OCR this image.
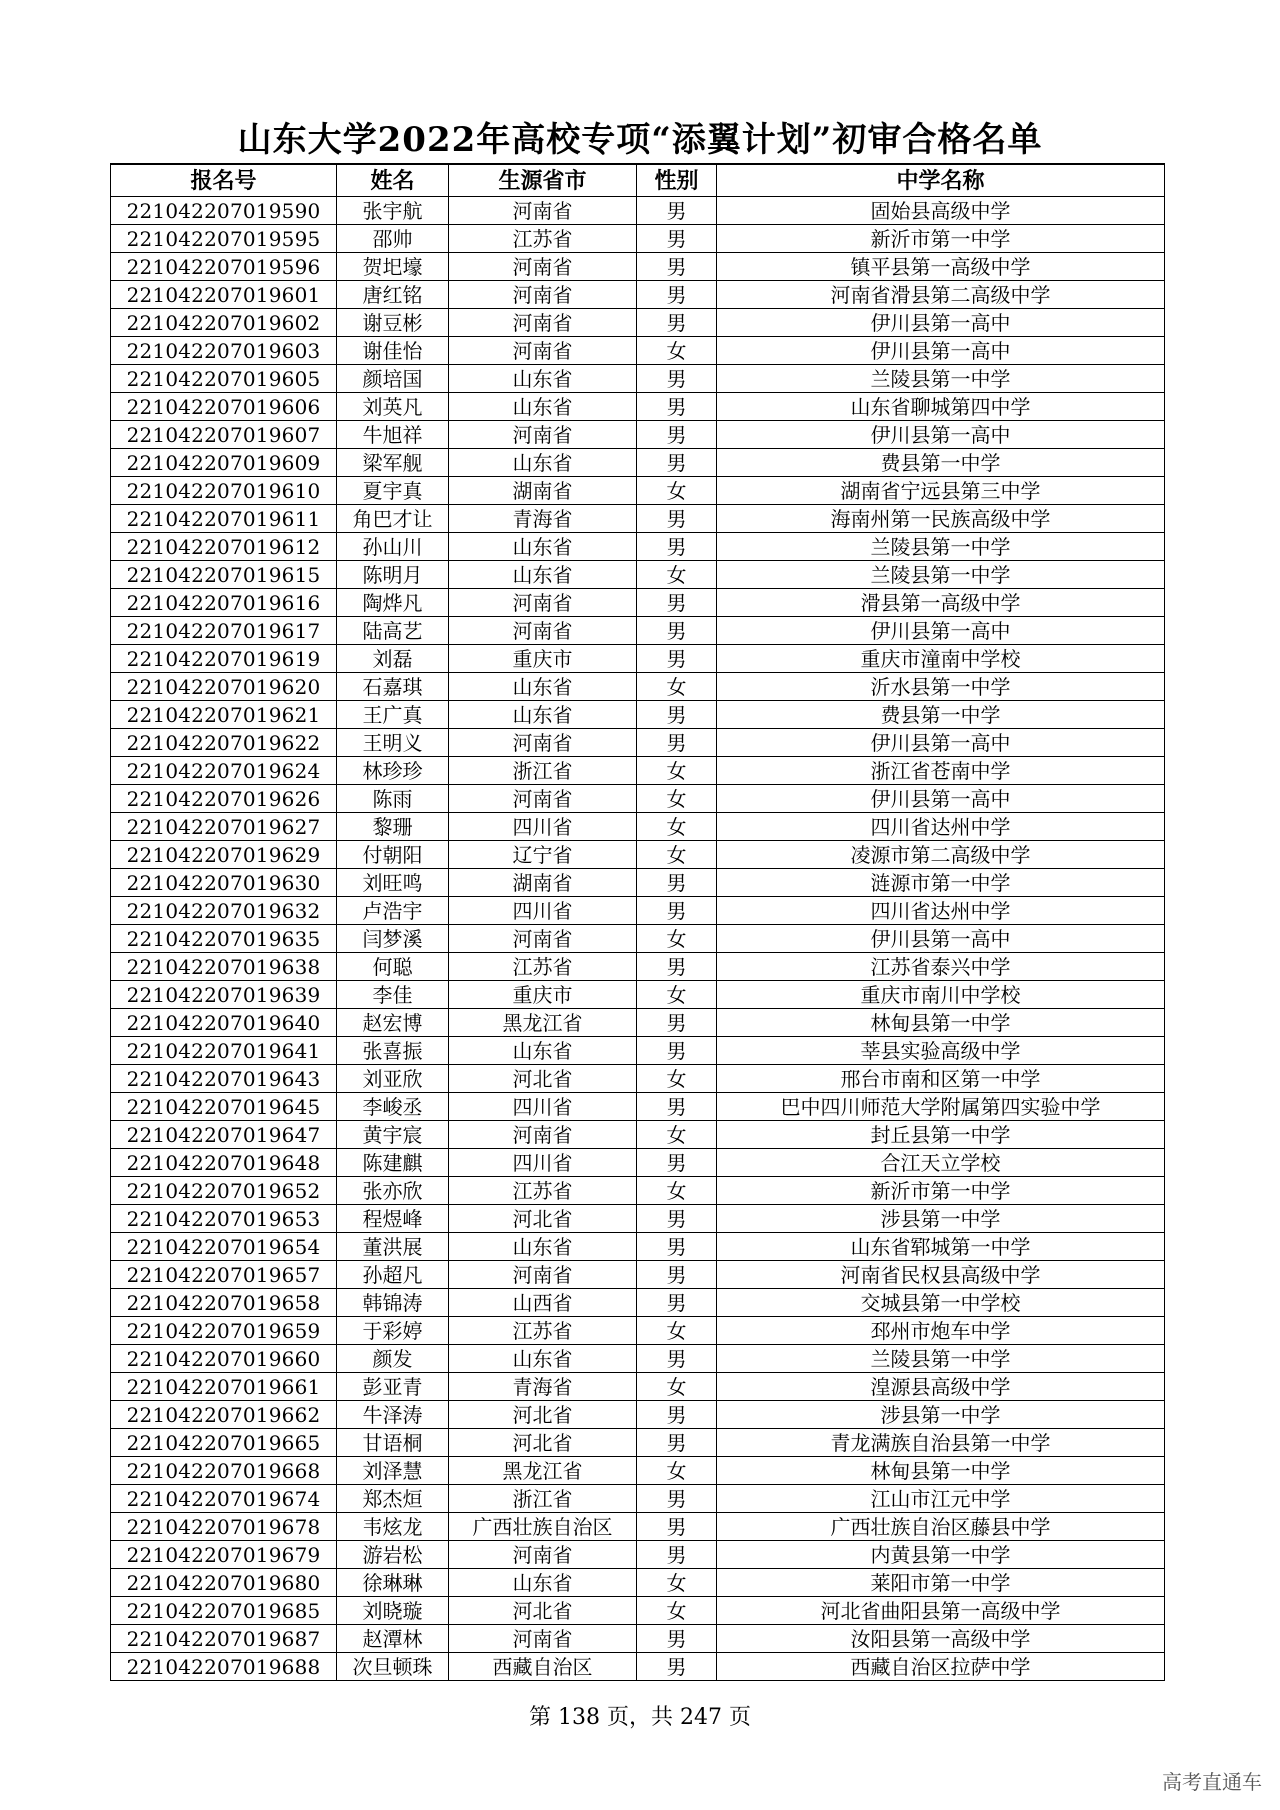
山东大学2022年高校专项“添翼计划”初审合格名单
报名号	姓名	生源省市	性别	中学名称
221042207019590	张宇航	河南省	男	固始县高级中学
221042207019595	邵帅	江苏省	男	新沂市第一中学
221042207019596	贺圯壕	河南省	男	镇平县第一高级中学
221042207019601	唐红铭	河南省	男	河南省滑县第二高级中学
221042207019602	谢豆彬	河南省	男	伊川县第一高中
221042207019603	谢佳怡	河南省	女	伊川县第一高中
221042207019605	颜培国	山东省	男	兰陵县第一中学
221042207019606	刘英凡	山东省	男	山东省聊城第四中学
221042207019607	牛旭祥	河南省	男	伊川县第一高中
221042207019609	梁军舰	山东省	男	费县第一中学
221042207019610	夏宇真	湖南省	女	湖南省宁远县第三中学
221042207019611	角巴才让	青海省	男	海南州第一民族高级中学
221042207019612	孙山川	山东省	男	兰陵县第一中学
221042207019615	陈明月	山东省	女	兰陵县第一中学
221042207019616	陶烨凡	河南省	男	滑县第一高级中学
221042207019617	陆高艺	河南省	男	伊川县第一高中
221042207019619	刘磊	重庆市	男	重庆市潼南中学校
221042207019620	石嘉琪	山东省	女	沂水县第一中学
221042207019621	王广真	山东省	男	费县第一中学
221042207019622	王明义	河南省	男	伊川县第一高中
221042207019624	林珍珍	浙江省	女	浙江省苍南中学
221042207019626	陈雨	河南省	女	伊川县第一高中
221042207019627	黎珊	四川省	女	四川省达州中学
221042207019629	付朝阳	辽宁省	女	凌源市第二高级中学
221042207019630	刘旺鸣	湖南省	男	涟源市第一中学
221042207019632	卢浩宇	四川省	男	四川省达州中学
221042207019635	闫梦溪	河南省	女	伊川县第一高中
221042207019638	何聪	江苏省	男	江苏省泰兴中学
221042207019639	李佳	重庆市	女	重庆市南川中学校
221042207019640	赵宏博	黑龙江省	男	林甸县第一中学
221042207019641	张喜振	山东省	男	莘县实验高级中学
221042207019643	刘亚欣	河北省	女	邢台市南和区第一中学
221042207019645	李峻丞	四川省	男	巴中四川师范大学附属第四实验中学
221042207019647	黄宇宸	河南省	女	封丘县第一中学
221042207019648	陈建麒	四川省	男	合江天立学校
221042207019652	张亦欣	江苏省	女	新沂市第一中学
221042207019653	程煜峰	河北省	男	涉县第一中学
221042207019654	董洪展	山东省	男	山东省郓城第一中学
221042207019657	孙超凡	河南省	男	河南省民权县高级中学
221042207019658	韩锦涛	山西省	男	交城县第一中学校
221042207019659	于彩婷	江苏省	女	邳州市炮车中学
221042207019660	颜发	山东省	男	兰陵县第一中学
221042207019661	彭亚青	青海省	女	湟源县高级中学
221042207019662	牛泽涛	河北省	男	涉县第一中学
221042207019665	甘语桐	河北省	男	青龙满族自治县第一中学
221042207019668	刘泽慧	黑龙江省	女	林甸县第一中学
221042207019674	郑杰烜	浙江省	男	江山市江元中学
221042207019678	韦炫龙	广西壮族自治区	男	广西壮族自治区藤县中学
221042207019679	游岩松	河南省	男	内黄县第一中学
221042207019680	徐琳琳	山东省	女	莱阳市第一中学
221042207019685	刘晓璇	河北省	女	河北省曲阳县第一高级中学
221042207019687	赵潭林	河南省	男	汝阳县第一高级中学
221042207019688	次旦顿珠	西藏自治区	男	西藏自治区拉萨中学
第 138 页，共 247 页
高考直通车
